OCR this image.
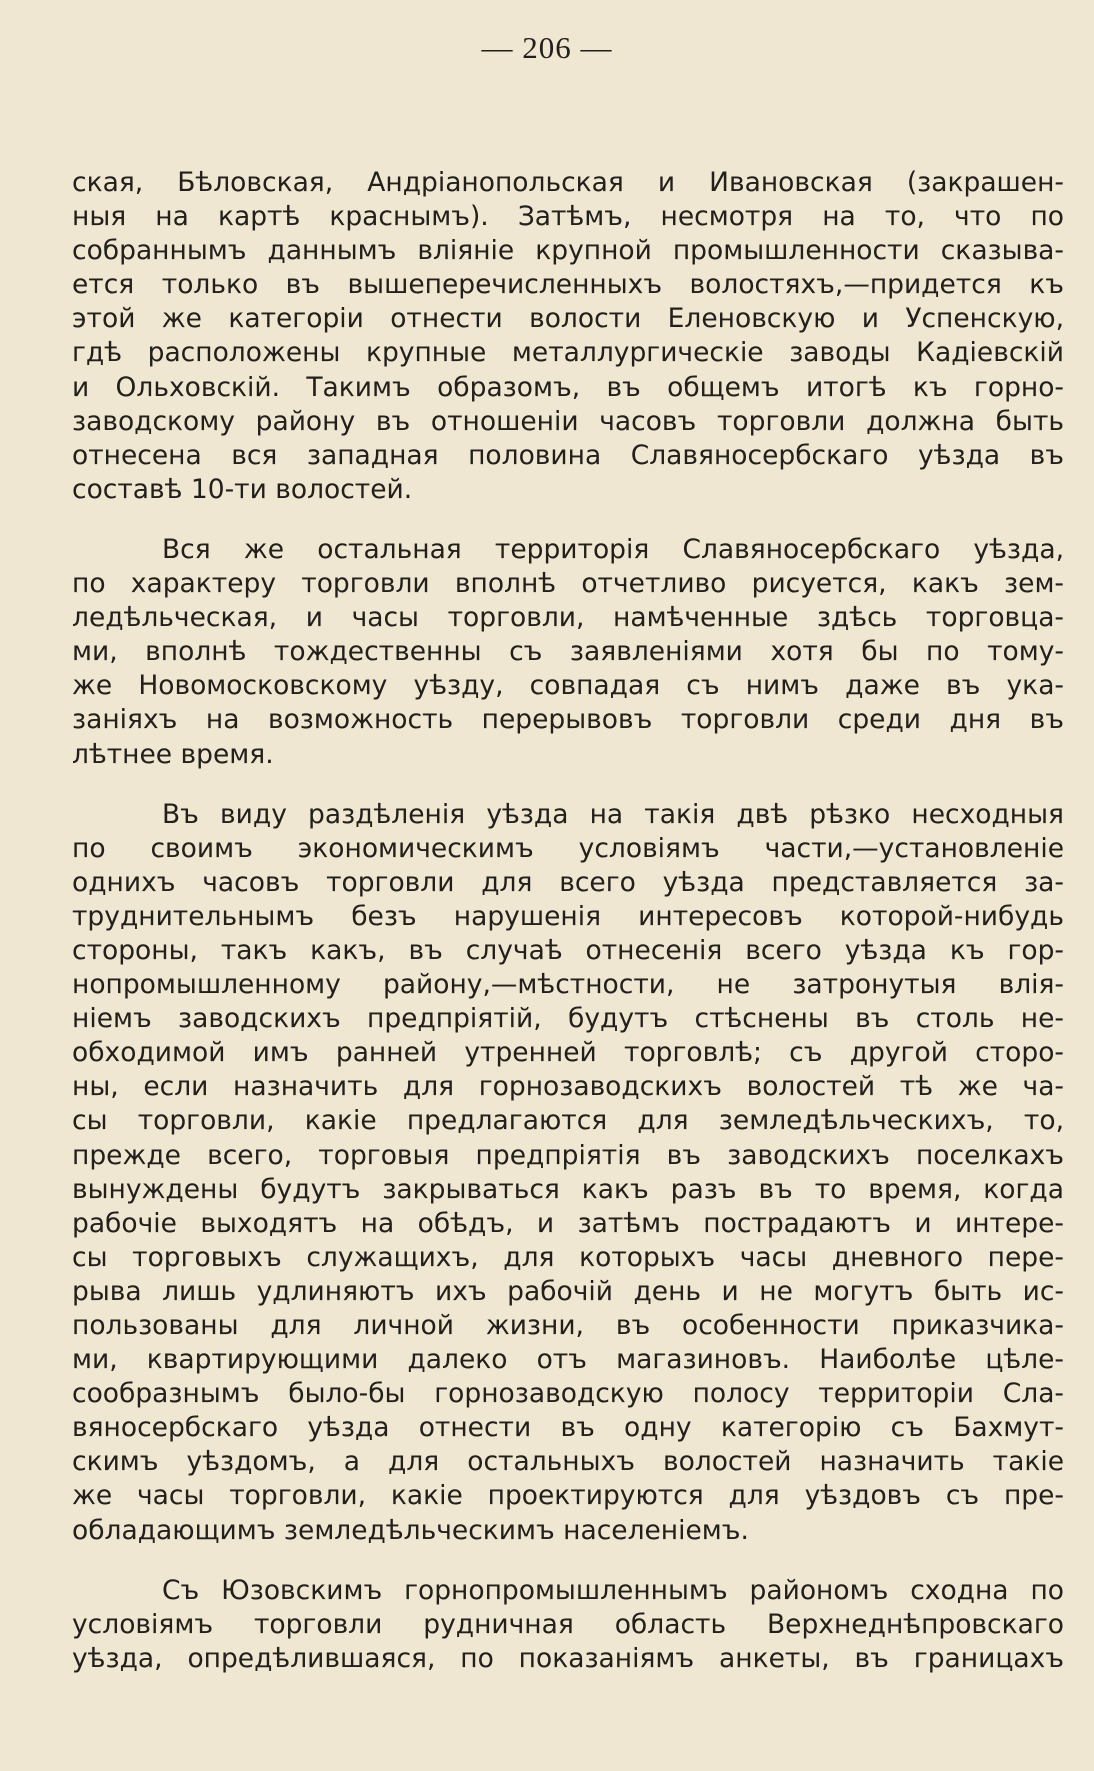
— 206 —
ская, Бѣловская, Андріанопольская и Ивановская (закрашен-
ныя на картѣ краснымъ). Затѣмъ, несмотря на то, что по
собраннымъ даннымъ вліяніе крупной промышленности сказыва-
ется только въ вышеперечисленныхъ волостяхъ,—придется къ
этой же категоріи отнести волости Еленовскую и Успенскую,
гдѣ расположены крупные металлургическіе заводы Кадіевскій
и Ольховскій. Такимъ образомъ, въ общемъ итогѣ къ горно-
заводскому району въ отношеніи часовъ торговли должна быть
отнесена вся западная половина Славяносербскаго уѣзда въ
составѣ 10-ти волостей.
Вся же остальная территорія Славяносербскаго уѣзда,
по характеру торговли вполнѣ отчетливо рисуется, какъ зем-
ледѣльческая, и часы торговли, намѣченные здѣсь торговца-
ми, вполнѣ тождественны съ заявленіями хотя бы по тому-
же Новомосковскому уѣзду, совпадая съ нимъ даже въ ука-
заніяхъ на возможность перерывовъ торговли среди дня въ
лѣтнее время.
Въ виду раздѣленія уѣзда на такія двѣ рѣзко несходныя
по своимъ экономическимъ условіямъ части,—установленіе
однихъ часовъ торговли для всего уѣзда представляется за-
труднительнымъ безъ нарушенія интересовъ которой-нибудь
стороны, такъ какъ, въ случаѣ отнесенія всего уѣзда къ гор-
нопромышленному району,—мѣстности, не затронутыя влія-
ніемъ заводскихъ предпріятій, будутъ стѣснены въ столь не-
обходимой имъ ранней утренней торговлѣ; съ другой сторо-
ны, если назначить для горнозаводскихъ волостей тѣ же ча-
сы торговли, какіе предлагаются для земледѣльческихъ, то,
прежде всего, торговыя предпріятія въ заводскихъ поселкахъ
вынуждены будутъ закрываться какъ разъ въ то время, когда
рабочіе выходятъ на обѣдъ, и затѣмъ пострадаютъ и интере-
сы торговыхъ служащихъ, для которыхъ часы дневного пере-
рыва лишь удлиняютъ ихъ рабочій день и не могутъ быть ис-
пользованы для личной жизни, въ особенности приказчика-
ми, квартирующими далеко отъ магазиновъ. Наиболѣе цѣле-
сообразнымъ было-бы горнозаводскую полосу территоріи Сла-
вяносербскаго уѣзда отнести въ одну категорію съ Бахмут-
скимъ уѣздомъ, а для остальныхъ волостей назначить такіе
же часы торговли, какіе проектируются для уѣздовъ съ пре-
обладающимъ земледѣльческимъ населеніемъ.
Съ Юзовскимъ горнопромышленнымъ райономъ сходна по
условіямъ торговли рудничная область Верхнеднѣпровскаго
уѣзда, опредѣлившаяся, по показаніямъ анкеты, въ границахъ
